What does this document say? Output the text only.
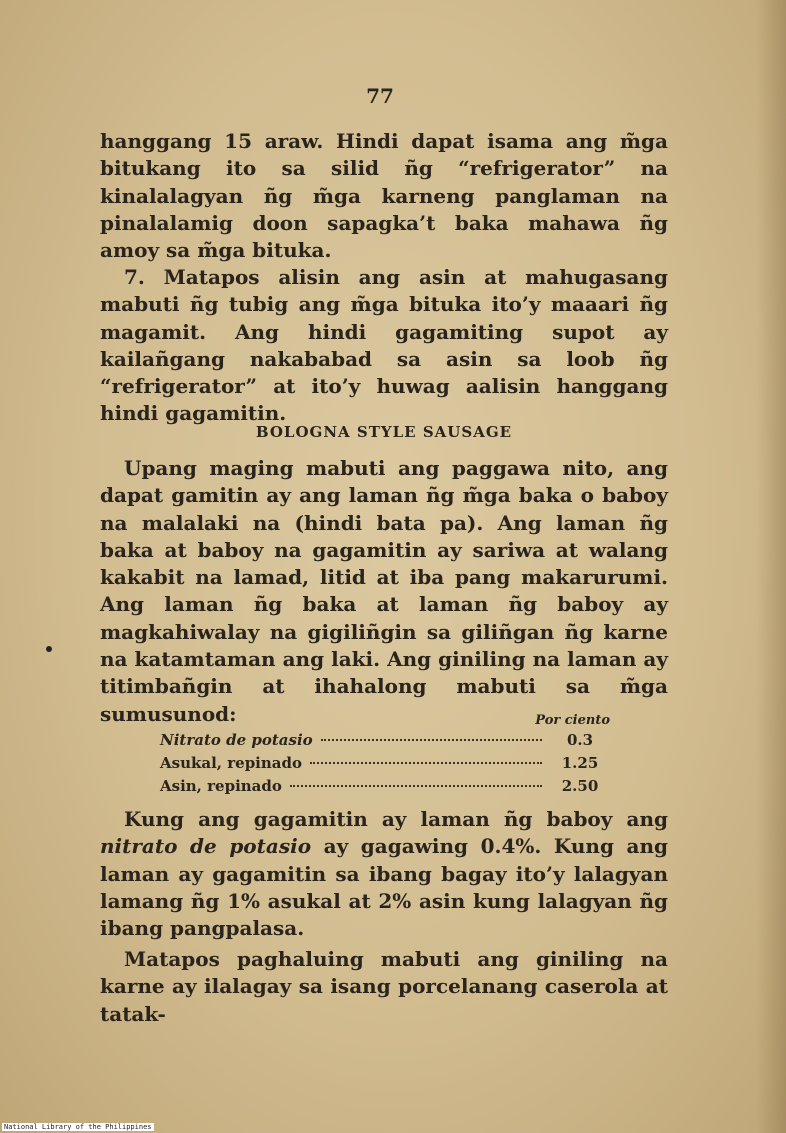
77

hanggang 15 araw. Hindi dapat isama ang m̃ga bitukang ito sa silid ñg “refrigerator” na kinalalagyan ñg m̃ga karneng panglaman na pinalalamig doon sapagka’t baka mahawa ñg amoy sa m̃ga bituka.

7. Matapos alisin ang asin at mahugasang mabuti ñg tubig ang m̃ga bituka ito’y maaari ñg magamit. Ang hindi gagamiting supot ay kailañgang nakababad sa asin sa loob ñg “refrigerator” at ito’y huwag aalisin hanggang hindi gagamitin.

BOLOGNA STYLE SAUSAGE

Upang maging mabuti ang paggawa nito, ang dapat gamitin ay ang laman ñg m̃ga baka o baboy na malalaki na (hindi bata pa). Ang laman ñg baka at baboy na gagamitin ay sariwa at walang kakabit na lamad, litid at iba pang makarurumi. Ang laman ñg baka at laman ñg baboy ay magkahiwalay na gigiliñgin sa giliñgan ñg karne na katamtaman ang laki. Ang giniling na laman ay titimbañgin at ihahalong mabuti sa m̃ga sumusunod:	Por ciento
Nitrato de potasio	0.3
Asukal, repinado	1.25
Asin, repinado	2.50

Kung ang gagamitin ay laman ñg baboy ang nitrato de potasio ay gagawing 0.4%. Kung ang laman ay gagamitin sa ibang bagay ito’y lalagyan lamang ñg 1% asukal at 2% asin kung lalagyan ñg ibang pangpalasa.

Matapos paghaluing mabuti ang giniling na karne ay ilalagay sa isang porcelanang caserola at tatak-

National Library of the Philippines
